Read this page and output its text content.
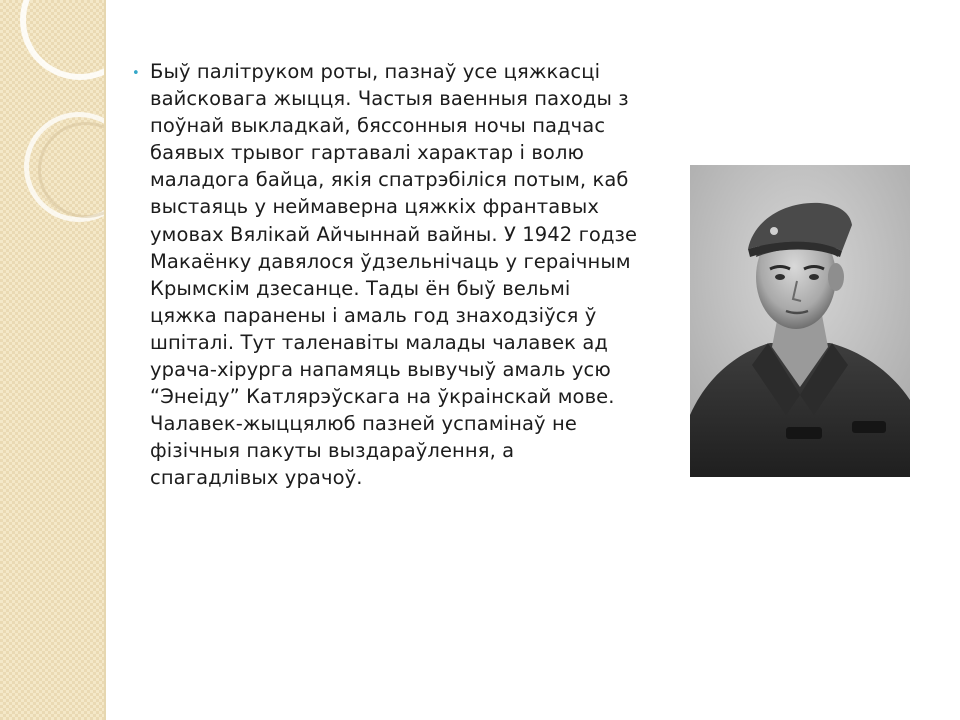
• Быў палітруком роты, пазнаў усе цяжкасці вайсковага жыцця. Частыя ваенныя паходы з поўнай выкладкай, бяссонныя ночы падчас баявых трывог гартавалі характар і волю маладога байца, якія спатрэбіліся потым, каб выстаяць у неймаверна цяжкіх франтавых умовах Вялікай Айчыннай вайны. У 1942 годзе Макаёнку давялося ўдзельнічаць у гераічным Крымскім дзесанце. Тады ён быў вельмі цяжка паранены і амаль год знаходзіўся ў шпіталі. Тут таленавіты малады чалавек ад урача-хірурга напамяць вывучыў амаль усю “Энеіду” Катлярэўскага на ўкраінскай мове. Чалавек-жыццялюб пазней успамінаў не фізічныя пакуты выздараўлення, а спагадлівых урачоў.
